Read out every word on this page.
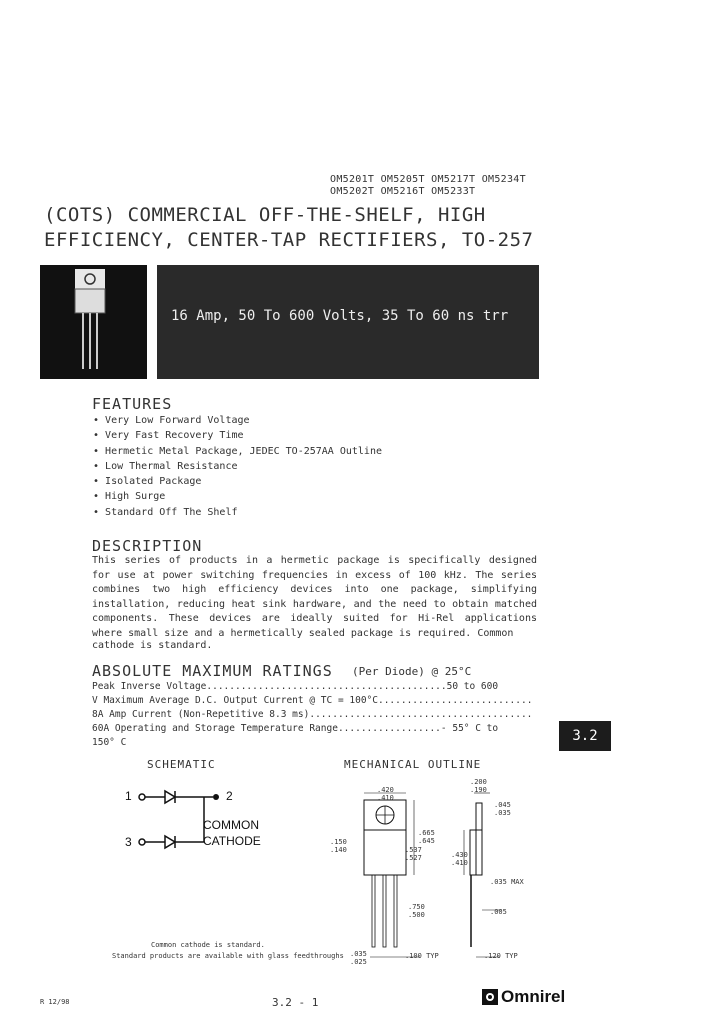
OM5201T OM5205T OM5217T OM5234T
OM5202T OM5216T OM5233T
(COTS) COMMERCIAL OFF-THE-SHELF, HIGH
EFFICIENCY, CENTER-TAP RECTIFIERS, TO-257
16 Amp, 50 To 600 Volts, 35 To 60 ns trr
FEATURES
• Very Low Forward Voltage
• Very Fast Recovery Time
• Hermetic Metal Package, JEDEC TO-257AA Outline
• Low Thermal Resistance
• Isolated Package
• High Surge
• Standard Off The Shelf
DESCRIPTION
This series of products in a hermetic package is specifically designed for use at power switching frequencies in excess of 100 kHz. The series combines two high efficiency devices into one package, simplifying installation, reducing heat sink hardware, and the need to obtain matched components. These devices are ideally suited for Hi-Rel applications where small size and a hermetically sealed package is required. Common
cathode is standard.
ABSOLUTE MAXIMUM RATINGS (Per Diode) @ 25°C
Peak Inverse Voltage..........................................50 to 600
V Maximum Average D.C. Output Current @ TC = 100°C...........................
8A Amp Current (Non-Repetitive 8.3 ms).......................................
60A Operating and Storage Temperature Range..................- 55° C to
150° C	3.2
SCHEMATIC
1	2
3
COMMON
CATHODE
MECHANICAL OUTLINE
.420
.410
.150
.140
.665
.645
.537
.527
.750
.500
.035
.025
.100 TYP
.200
.190
.045
.035
.430
.410
.035 MAX
.005
.120 TYP
Common cathode is standard.
Standard products are available with glass feedthroughs
R 12/98	3.2 - 1	Omnirel
